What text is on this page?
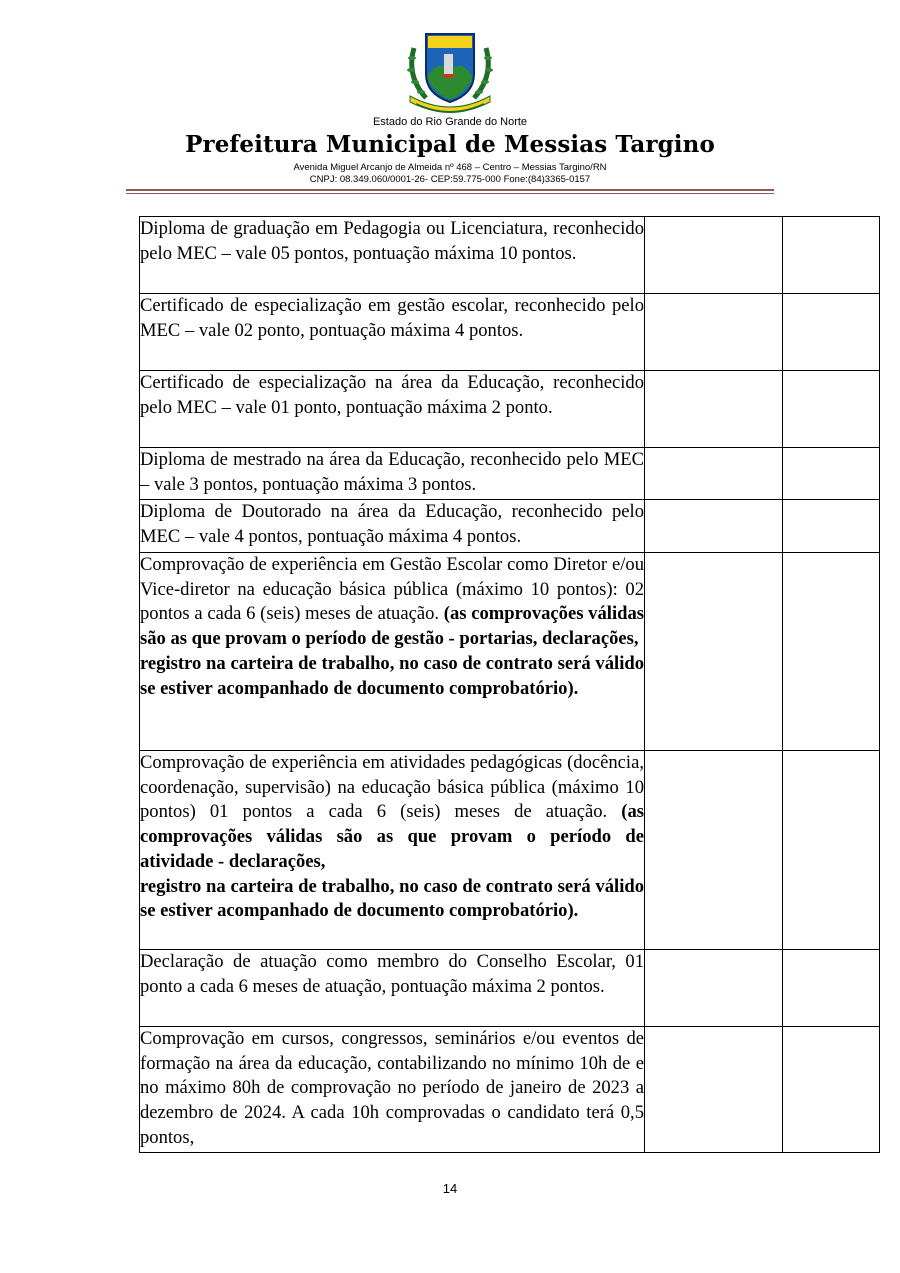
Estado do Rio Grande do Norte
Prefeitura Municipal de Messias Targino
Avenida Miguel Arcanjo de Almeida nº 468 – Centro – Messias Targino/RN
CNPJ: 08.349.060/0001-26- CEP:59.775-000 Fone:(84)3365-0157
Diploma de graduação em Pedagogia ou Licenciatura, reconhecido pelo MEC – vale 05 pontos, pontuação máxima 10 pontos.		

Certificado de especialização em gestão escolar, reconhecido pelo MEC – vale 02 ponto, pontuação máxima 4 pontos.		

Certificado de especialização na área da Educação, reconhecido pelo MEC – vale 01 ponto, pontuação máxima 2 ponto.		

Diploma de mestrado na área da Educação, reconhecido pelo MEC – vale 3 pontos, pontuação máxima 3 pontos.		

Diploma de Doutorado na área da Educação, reconhecido pelo MEC – vale 4 pontos, pontuação máxima 4 pontos.		

Comprovação de experiência em Gestão Escolar como Diretor e/ou Vice-diretor na educação básica pública (máximo 10 pontos): 02 pontos a cada 6 (seis) meses de atuação. (as comprovações válidas são as que provam o período de gestão - portarias, declarações,
registro na carteira de trabalho, no caso de contrato será válido se estiver acompanhado de documento comprobatório).		

Comprovação de experiência em atividades pedagógicas (docência, coordenação, supervisão) na educação básica pública (máximo 10 pontos) 01 pontos a cada 6 (seis) meses de atuação. (as comprovações válidas são as que provam o período de atividade - declarações,
registro na carteira de trabalho, no caso de contrato será válido se estiver acompanhado de documento comprobatório).		

Declaração de atuação como membro do Conselho Escolar, 01 ponto a cada 6 meses de atuação, pontuação máxima 2 pontos.		

Comprovação em cursos, congressos, seminários e/ou eventos de formação na área da educação, contabilizando no mínimo 10h de e no máximo 80h de comprovação no período de janeiro de 2023 a dezembro de 2024. A cada 10h comprovadas o candidato terá 0,5 pontos,		

14
